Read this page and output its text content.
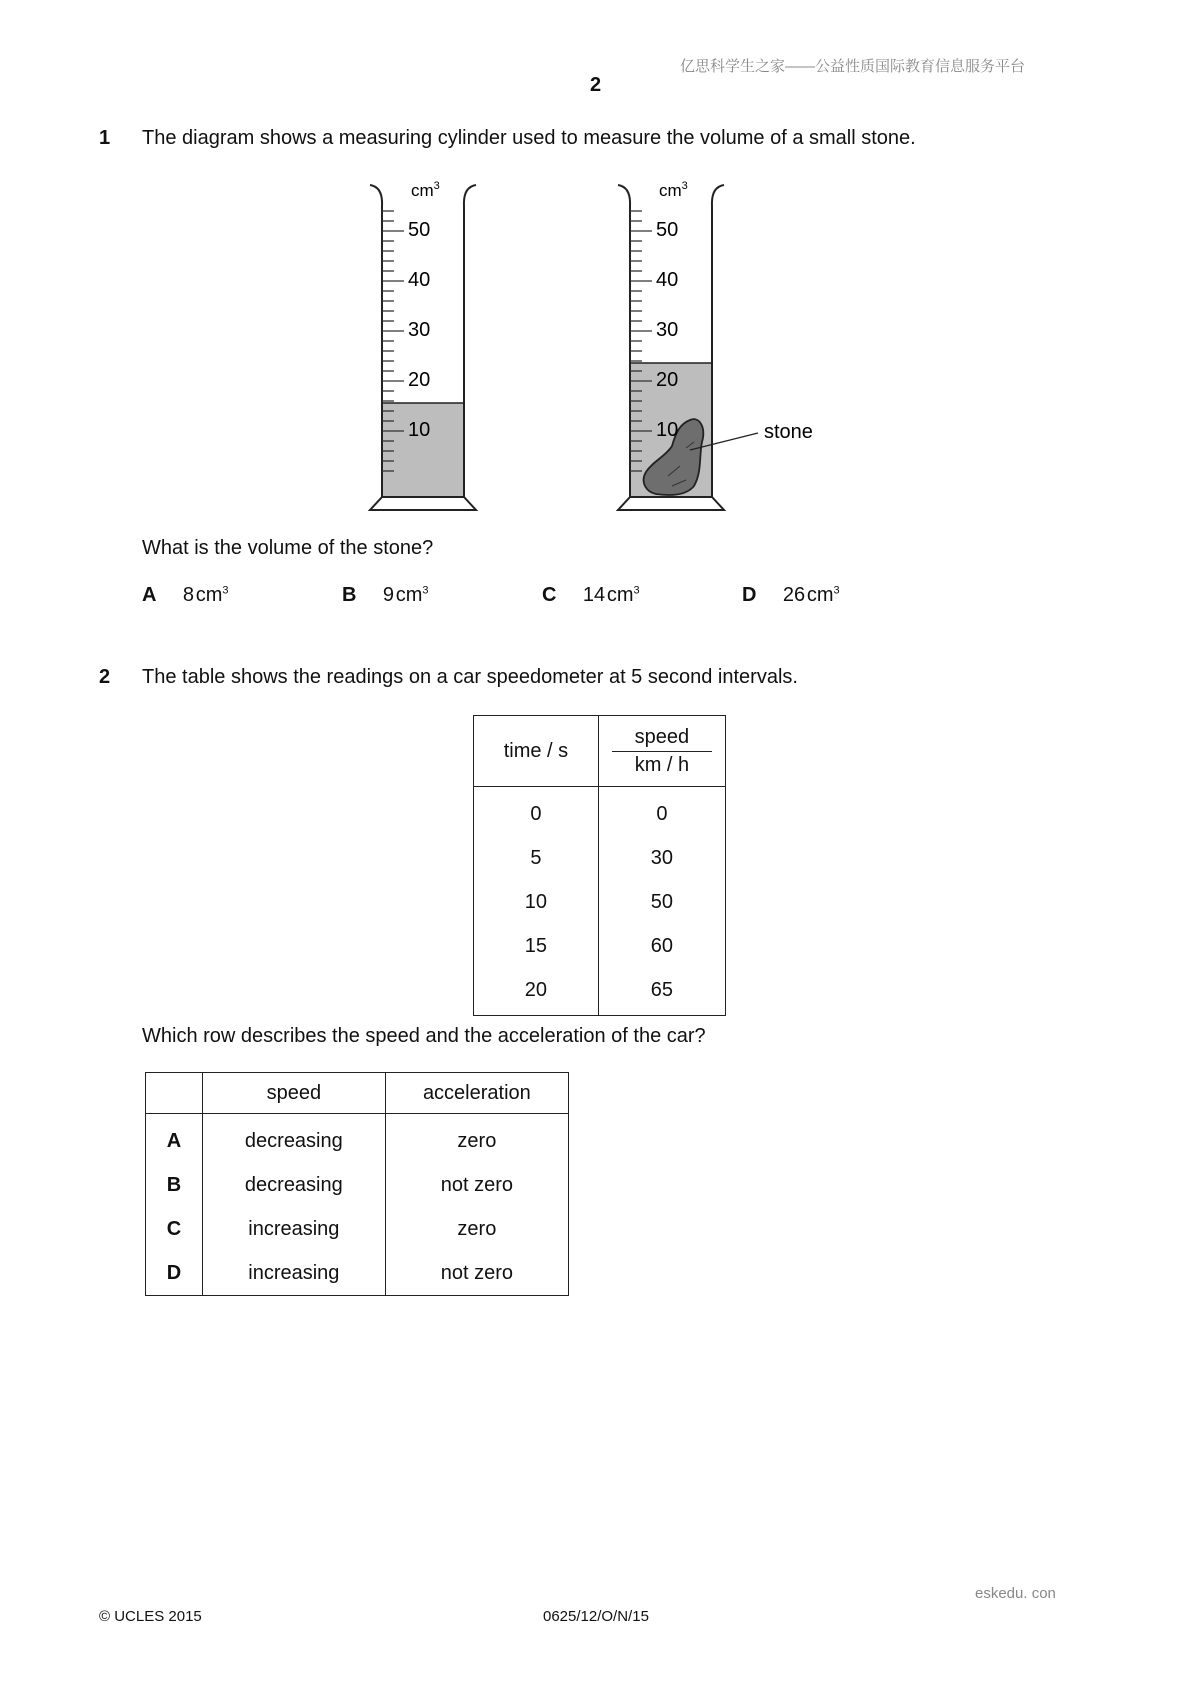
亿思科学生之家——公益性质国际教育信息服务平台
2
1 The diagram shows a measuring cylinder used to measure the volume of a small stone.
$cm^3$
50
40
30
20
10
$cm^3$
50
40
30
20
10	stone
What is the volume of the stone?
A 8 $cm^3$	B 9 $cm^3$	C 14 $cm^3$	D 26 $cm^3$
2 The table shows the readings on a car speedometer at 5 second intervals.
time / s	speed
km / h

0	0
5	30
10	50
15	60
20	65
Which row describes the speed and the acceleration of the car?
	speed	acceleration
A	decreasing	zero
B	decreasing	not zero
C	increasing	zero
D	increasing	not zero
eskedu. con
© UCLES 2015	0625/12/O/N/15
